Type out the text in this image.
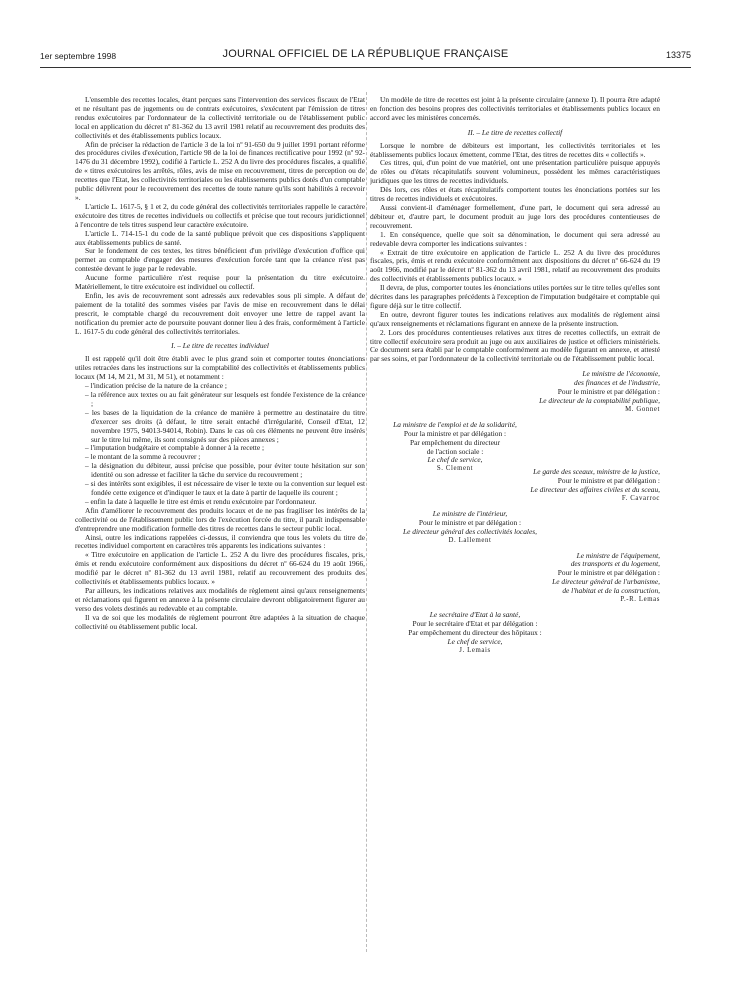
1er septembre 1998	JOURNAL OFFICIEL DE LA RÉPUBLIQUE FRANÇAISE	13375

L'ensemble des recettes locales, étant perçues sans l'intervention des services fiscaux de l'Etat et ne résultant pas de jugements ou de contrats exécutoires, s'exécutent par l'émission de titres rendus exécutoires par l'ordonnateur de la collectivité territoriale ou de l'établissement public local en application du décret nº 81-362 du 13 avril 1981 relatif au recouvrement des produits des collectivités et des établissements publics locaux.

Afin de préciser la rédaction de l'article 3 de la loi nº 91-650 du 9 juillet 1991 portant réforme des procédures civiles d'exécution, l'article 98 de la loi de finances rectificative pour 1992 (nº 92-1476 du 31 décembre 1992), codifié à l'article L. 252 A du livre des procédures fiscales, a qualifié de « titres exécutoires les arrêtés, rôles, avis de mise en recouvrement, titres de perception ou de recettes que l'Etat, les collectivités territoriales ou les établissements publics dotés d'un comptable public délivrent pour le recouvrement des recettes de toute nature qu'ils sont habilités à recevoir ».

L'article L. 1617-5, § 1 et 2, du code général des collectivités territoriales rappelle le caractère exécutoire des titres de recettes individuels ou collectifs et précise que tout recours juridictionnel à l'encontre de tels titres suspend leur caractère exécutoire.

L'article L. 714-15-1 du code de la santé publique prévoit que ces dispositions s'appliquent aux établissements publics de santé.

Sur le fondement de ces textes, les titres bénéficient d'un privilège d'exécution d'office qui permet au comptable d'engager des mesures d'exécution forcée tant que la créance n'est pas contestée devant le juge par le redevable.

Aucune forme particulière n'est requise pour la présentation du titre exécutoire. Matériellement, le titre exécutoire est individuel ou collectif.

Enfin, les avis de recouvrement sont adressés aux redevables sous pli simple. A défaut de paiement de la totalité des sommes visées par l'avis de mise en recouvrement dans le délai prescrit, le comptable chargé du recouvrement doit envoyer une lettre de rappel avant la notification du premier acte de poursuite pouvant donner lieu à des frais, conformément à l'article L. 1617-5 du code général des collectivités territoriales.

I. – Le titre de recettes individuel

Il est rappelé qu'il doit être établi avec le plus grand soin et comporter toutes énonciations utiles retracées dans les instructions sur la comptabilité des collectivités et établissements publics locaux (M 14, M 21, M 31, M 51), et notamment :

– l'indication précise de la nature de la créance ;
– la référence aux textes ou au fait générateur sur lesquels est fondée l'existence de la créance ;
– les bases de la liquidation de la créance de manière à permettre au destinataire du titre d'exercer ses droits (à défaut, le titre serait entaché d'irrégularité, Conseil d'Etat, 12 novembre 1975, 94013-94014, Robin). Dans le cas où ces éléments ne peuvent être insérés sur le titre lui même, ils sont consignés sur des pièces annexes ;
– l'imputation budgétaire et comptable à donner à la recette ;
– le montant de la somme à recouvrer ;
– la désignation du débiteur, aussi précise que possible, pour éviter toute hésitation sur son identité ou son adresse et faciliter la tâche du service du recouvrement ;
– si des intérêts sont exigibles, il est nécessaire de viser le texte ou la convention sur lequel est fondée cette exigence et d'indiquer le taux et la date à partir de laquelle ils courent ;
– enfin la date à laquelle le titre est émis et rendu exécutoire par l'ordonnateur.

Afin d'améliorer le recouvrement des produits locaux et de ne pas fragiliser les intérêts de la collectivité ou de l'établissement public lors de l'exécution forcée du titre, il paraît indispensable d'entreprendre une modification formelle des titres de recettes dans le secteur public local.

Ainsi, outre les indications rappelées ci-dessus, il conviendra que tous les volets du titre de recettes individuel comportent en caractères très apparents les indications suivantes :

« Titre exécutoire en application de l'article L. 252 A du livre des procédures fiscales, pris, émis et rendu exécutoire conformément aux dispositions du décret nº 66-624 du 19 août 1966, modifié par le décret nº 81-362 du 13 avril 1981, relatif au recouvrement des produits des collectivités et établissements publics locaux. »

Par ailleurs, les indications relatives aux modalités de règlement ainsi qu'aux renseignements et réclamations qui figurent en annexe à la présente circulaire devront obligatoirement figurer au verso des volets destinés au redevable et au comptable.

Il va de soi que les modalités de règlement pourront être adaptées à la situation de chaque collectivité ou établissement public local.

Un modèle de titre de recettes est joint à la présente circulaire (annexe I). Il pourra être adapté en fonction des besoins propres des collectivités territoriales et établissements publics locaux en accord avec les ministères concernés.

II. – Le titre de recettes collectif

Lorsque le nombre de débiteurs est important, les collectivités territoriales et les établissements publics locaux émettent, comme l'Etat, des titres de recettes dits « collectifs ».

Ces titres, qui, d'un point de vue matériel, ont une présentation particulière puisque appuyés de rôles ou d'états récapitulatifs souvent volumineux, possèdent les mêmes caractéristiques juridiques que les titres de recettes individuels.

Dès lors, ces rôles et états récapitulatifs comportent toutes les énonciations portées sur les titres de recettes individuels et exécutoires.

Aussi convient-il d'aménager formellement, d'une part, le document qui sera adressé au débiteur et, d'autre part, le document produit au juge lors des procédures contentieuses de recouvrement.

1. En conséquence, quelle que soit sa dénomination, le document qui sera adressé au redevable devra comporter les indications suivantes :

« Extrait de titre exécutoire en application de l'article L. 252 A du livre des procédures fiscales, pris, émis et rendu exécutoire conformément aux dispositions du décret nº 66-624 du 19 août 1966, modifié par le décret nº 81-362 du 13 avril 1981, relatif au recouvrement des produits des collectivités et établissements publics locaux. »

Il devra, de plus, comporter toutes les énonciations utiles portées sur le titre telles qu'elles sont décrites dans les paragraphes précédents à l'exception de l'imputation budgétaire et comptable qui figure déjà sur le titre collectif.

En outre, devront figurer toutes les indications relatives aux modalités de règlement ainsi qu'aux renseignements et réclamations figurant en annexe de la présente instruction.

2. Lors des procédures contentieuses relatives aux titres de recettes collectifs, un extrait de titre collectif exécutoire sera produit au juge ou aux auxiliaires de justice et officiers ministériels. Ce document sera établi par le comptable conformément au modèle figurant en annexe, et attesté par ses soins, et par l'ordonnateur de la collectivité territoriale ou de l'établissement public local.

Le ministre de l'économie,
des finances et de l'industrie,
Pour le ministre et par délégation :
Le directeur de la comptabilité publique,
M. Gonnet
La ministre de l'emploi et de la solidarité,
Pour la ministre et par délégation :
Par empêchement du directeur
de l'action sociale :
Le chef de service,
S. Clement	Le garde des sceaux, ministre de la justice,
Pour le ministre et par délégation :
Le directeur des affaires civiles et du sceau,
F. Cavarroc
Le ministre de l'intérieur,
Pour le ministre et par délégation :
Le directeur général des collectivités locales,
D. Lallement
Le ministre de l'équipement,
des transports et du logement,
Pour le ministre et par délégation :
Le directeur général de l'urbanisme,
de l'habitat et de la construction,
P.-R. Lemas
Le secrétaire d'Etat à la santé,
Pour le secrétaire d'Etat et par délégation :
Par empêchement du directeur des hôpitaux :
Le chef de service,
J. Lemais
